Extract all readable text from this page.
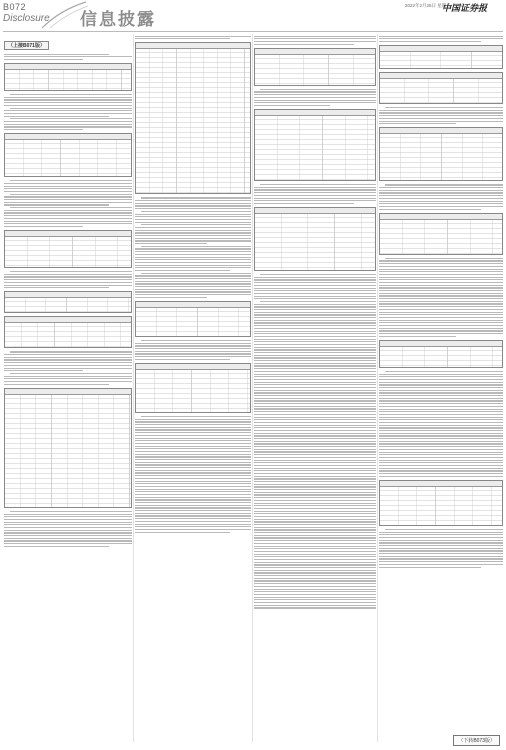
B072
Disclosure 信息披露
2022年2月25日 星期五
中国证券报
（上接B071版）
（下转B073版）
